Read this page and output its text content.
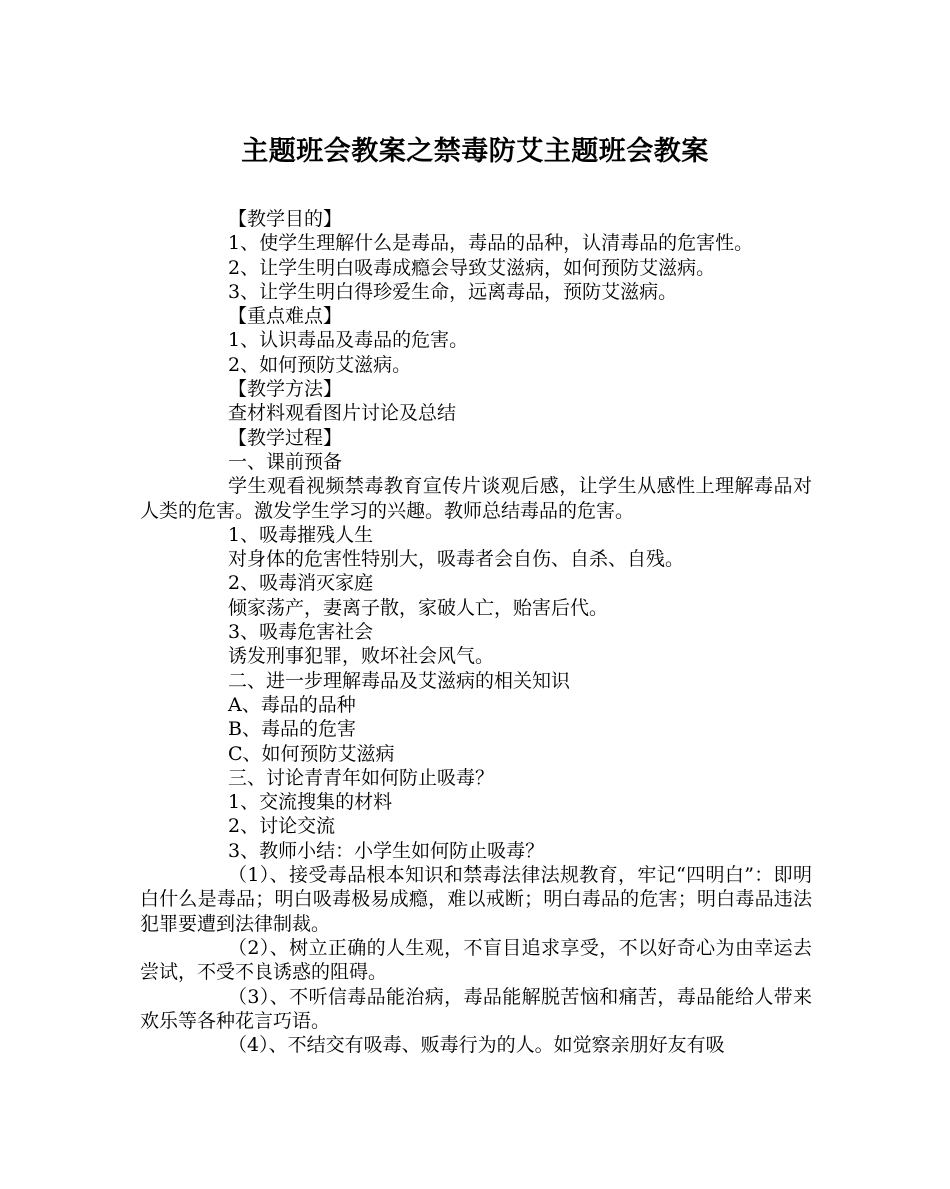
主题班会教案之禁毒防艾主题班会教案

【教学目的】

1、使学生理解什么是毒品，毒品的品种，认清毒品的危害性。

2、让学生明白吸毒成瘾会导致艾滋病，如何预防艾滋病。

3、让学生明白得珍爱生命，远离毒品，预防艾滋病。

【重点难点】

1、认识毒品及毒品的危害。

2、如何预防艾滋病。

【教学方法】

查材料观看图片讨论及总结

【教学过程】

一、课前预备

学生观看视频禁毒教育宣传片谈观后感，让学生从感性上理解毒品对人类的危害。激发学生学习的兴趣。教师总结毒品的危害。

1、吸毒摧残人生

对身体的危害性特别大，吸毒者会自伤、自杀、自残。

2、吸毒消灭家庭

倾家荡产，妻离子散，家破人亡，贻害后代。

3、吸毒危害社会

诱发刑事犯罪，败坏社会风气。

二、进一步理解毒品及艾滋病的相关知识

A、毒品的品种

B、毒品的危害

C、如何预防艾滋病

三、讨论青青年如何防止吸毒？

1、交流搜集的材料

2、讨论交流

3、教师小结：小学生如何防止吸毒？

（1）、接受毒品根本知识和禁毒法律法规教育，牢记“四明白”：即明白什么是毒品；明白吸毒极易成瘾，难以戒断；明白毒品的危害；明白毒品违法犯罪要遭到法律制裁。

（2）、树立正确的人生观，不盲目追求享受，不以好奇心为由幸运去尝试，不受不良诱惑的阻碍。

（3）、不听信毒品能治病，毒品能解脱苦恼和痛苦，毒品能给人带来欢乐等各种花言巧语。

（4）、不结交有吸毒、贩毒行为的人。如觉察亲朋好友有吸
